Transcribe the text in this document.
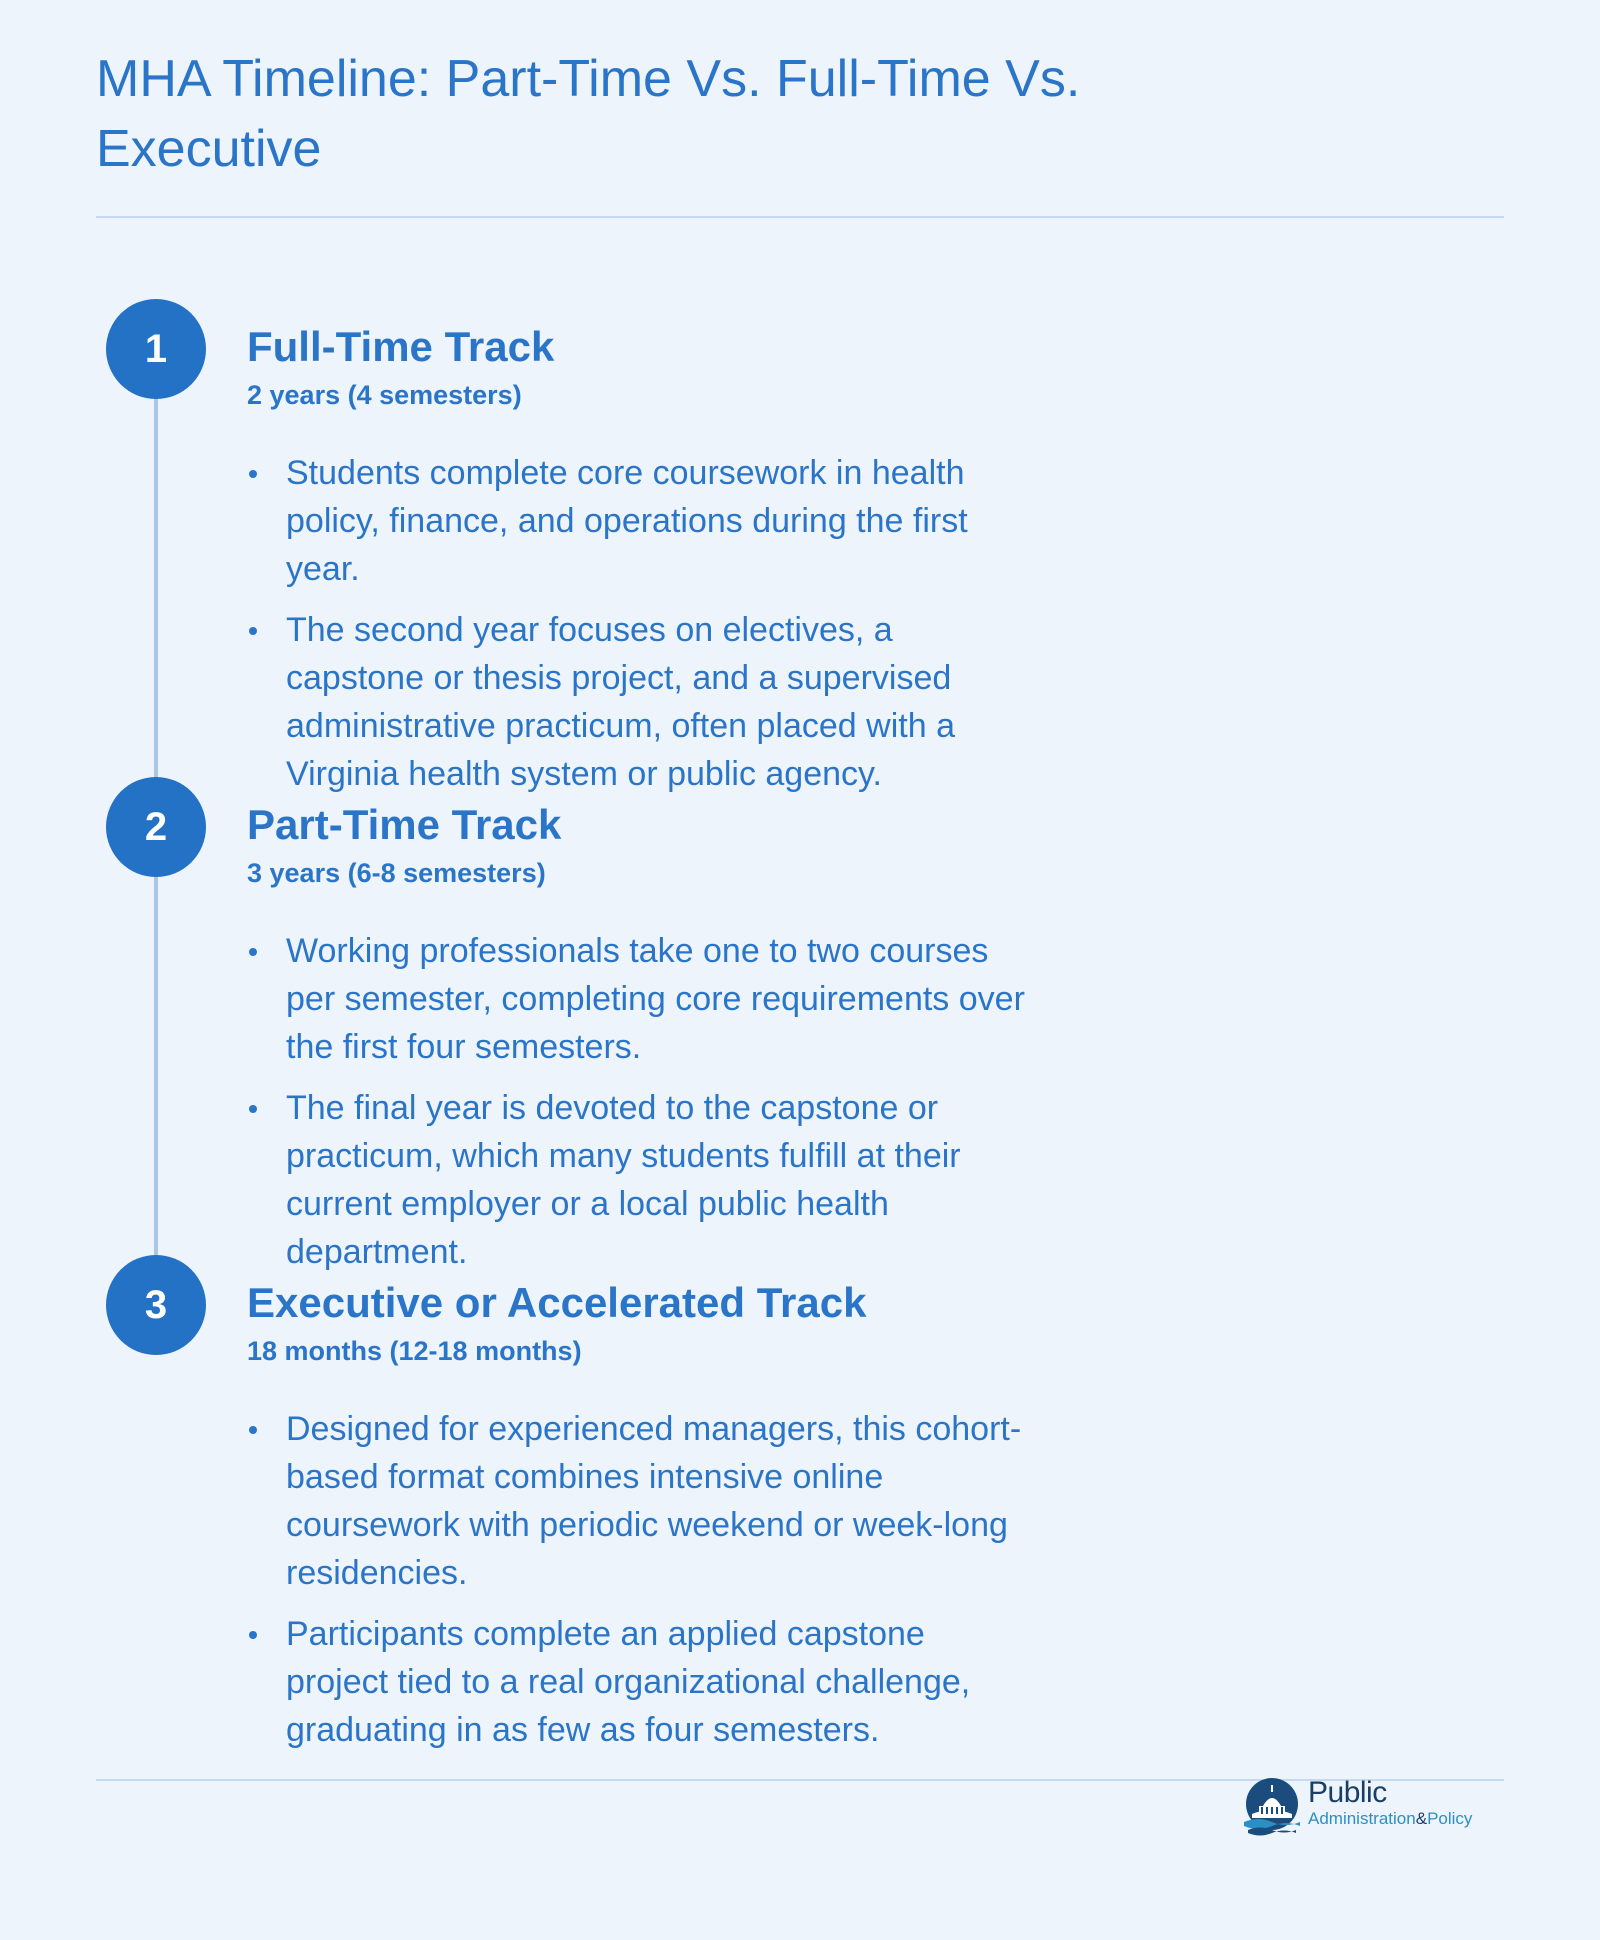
MHA Timeline: Part-Time Vs. Full-Time Vs. Executive
1	Full-Time Track

2 years (4 semesters)

Students complete core coursework in health policy, finance, and operations during the first year.
The second year focuses on electives, a capstone or thesis project, and a supervised administrative practicum, often placed with a Virginia health system or public agency.
2	Part-Time Track

3 years (6-8 semesters)

Working professionals take one to two courses per semester, completing core requirements over the first four semesters.
The final year is devoted to the capstone or practicum, which many students fulfill at their current employer or a local public health department.
3	Executive or Accelerated Track

18 months (12-18 months)

Designed for experienced managers, this cohort-based format combines intensive online coursework with periodic weekend or week-long residencies.
Participants complete an applied capstone project tied to a real organizational challenge, graduating in as few as four semesters.
Public
Administration&Policy
